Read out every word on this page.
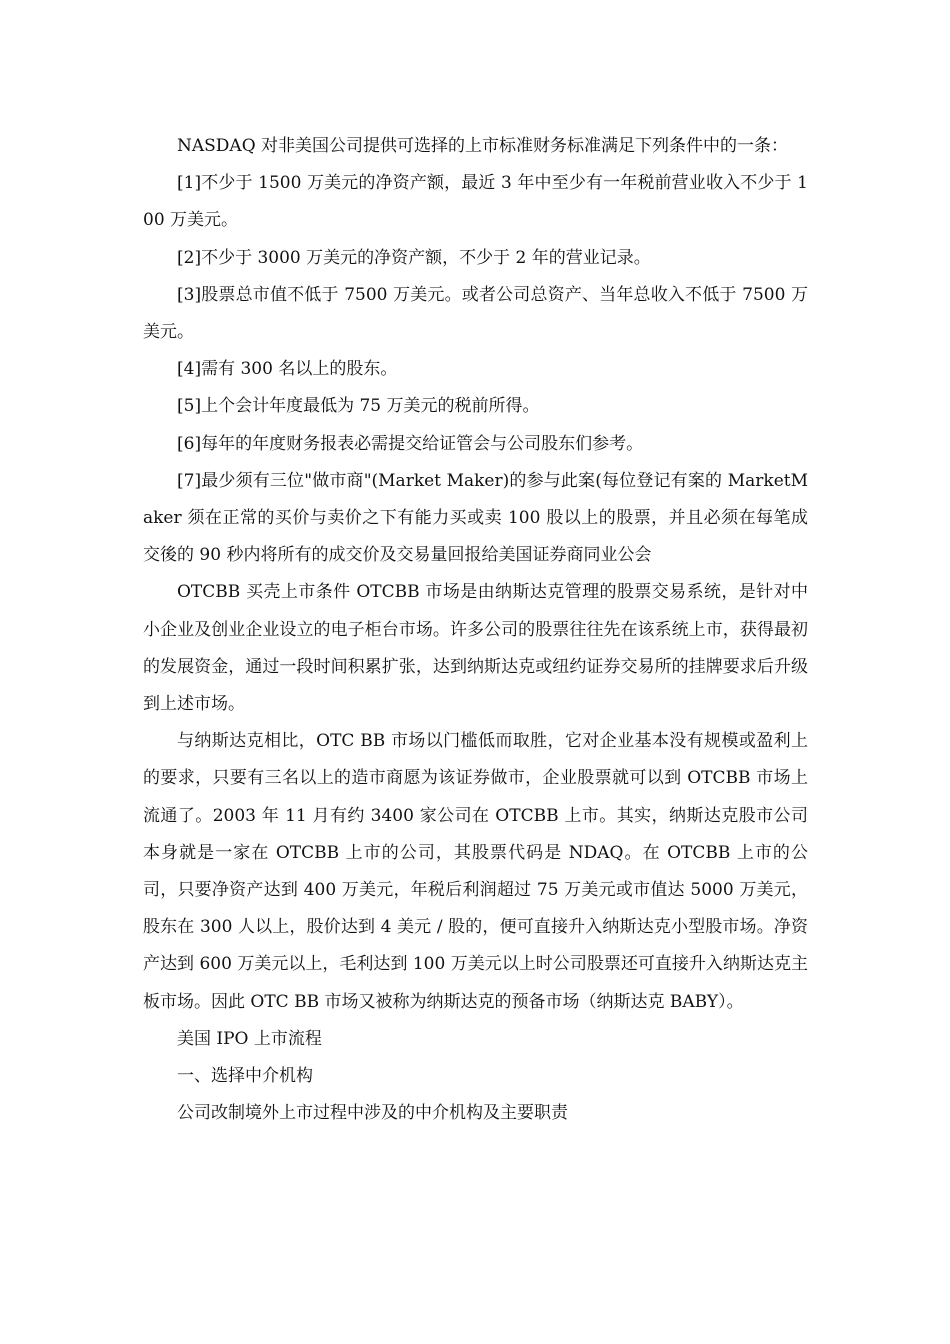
NASDAQ 对非美国公司提供可选择的上市标准财务标准满足下列条件中的一条：

[1]不少于 1500 万美元的净资产额，最近 3 年中至少有一年税前营业收入不少于 100 万美元。

[2]不少于 3000 万美元的净资产额，不少于 2 年的营业记录。

[3]股票总市值不低于 7500 万美元。或者公司总资产、当年总收入不低于 7500 万美元。

[4]需有 300 名以上的股东。

[5]上个会计年度最低为 75 万美元的税前所得。

[6]每年的年度财务报表必需提交给证管会与公司股东们参考。

[7]最少须有三位"做市商"(Market Maker)的参与此案(每位登记有案的 MarketMaker 须在正常的买价与卖价之下有能力买或卖 100 股以上的股票，并且必须在每笔成交後的 90 秒内将所有的成交价及交易量回报给美国证券商同业公会

OTCBB 买壳上市条件 OTCBB 市场是由纳斯达克管理的股票交易系统，是针对中小企业及创业企业设立的电子柜台市场。许多公司的股票往往先在该系统上市，获得最初的发展资金，通过一段时间积累扩张，达到纳斯达克或纽约证券交易所的挂牌要求后升级到上述市场。

与纳斯达克相比，OTC BB 市场以门槛低而取胜，它对企业基本没有规模或盈利上的要求，只要有三名以上的造市商愿为该证券做市，企业股票就可以到 OTCBB 市场上流通了。2003 年 11 月有约 3400 家公司在 OTCBB 上市。其实，纳斯达克股市公司本身就是一家在 OTCBB 上市的公司，其股票代码是 NDAQ。在 OTCBB 上市的公司，只要净资产达到 400 万美元，年税后利润超过 75 万美元或市值达 5000 万美元，股东在 300 人以上，股价达到 4 美元 / 股的，便可直接升入纳斯达克小型股市场。净资产达到 600 万美元以上，毛利达到 100 万美元以上时公司股票还可直接升入纳斯达克主板市场。因此 OTC BB 市场又被称为纳斯达克的预备市场（纳斯达克 BABY）。

美国 IPO 上市流程

一、选择中介机构

公司改制境外上市过程中涉及的中介机构及主要职责
